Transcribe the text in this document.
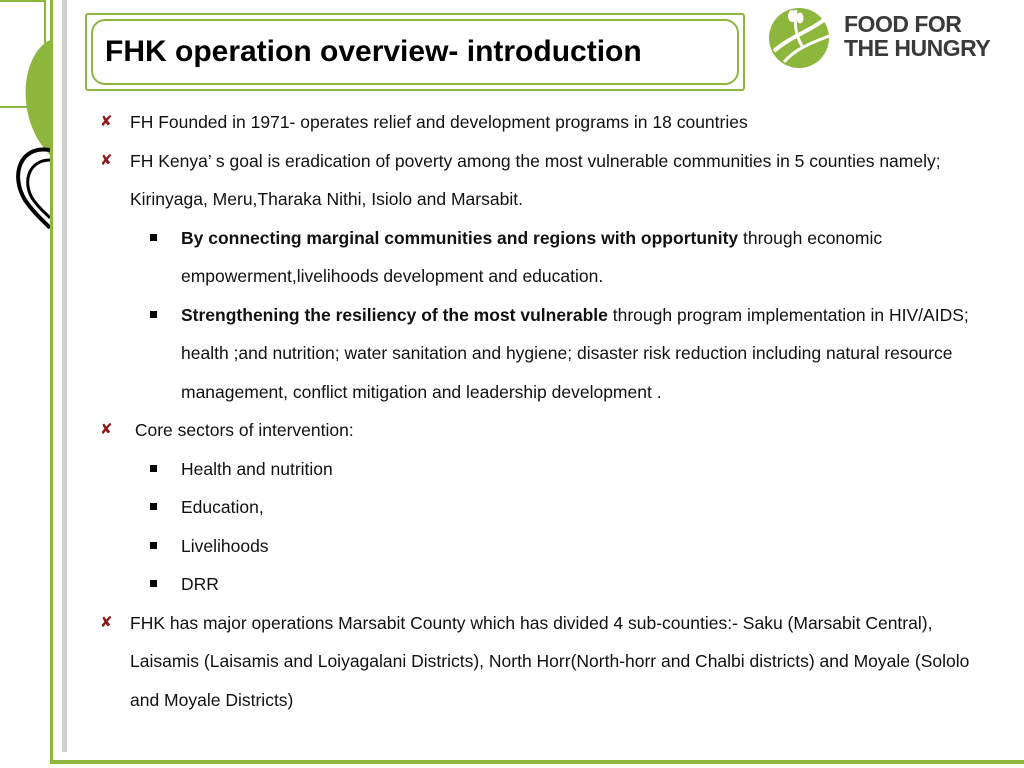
FHK operation overview- introduction
FOOD FOR
THE HUNGRY

✘ FH Founded in 1971- operates relief and development programs in 18 countries

✘ FH Kenya’ s goal is eradication of poverty among the most vulnerable communities in 5 counties namely; Kirinyaga, Meru,Tharaka Nithi, Isiolo and Marsabit.

By connecting marginal communities and regions with opportunity through economic empowerment,livelihoods development and education.

Strengthening the resiliency of the most vulnerable through program implementation in HIV/AIDS; health ;and nutrition; water sanitation and hygiene; disaster risk reduction including natural resource management, conflict mitigation and leadership development .

✘ Core sectors of intervention:

Health and nutrition

Education,

Livelihoods

DRR

✘ FHK has major operations Marsabit County which has divided 4 sub-counties:- Saku (Marsabit Central), Laisamis (Laisamis and Loiyagalani Districts), North Horr(North-horr and Chalbi districts) and Moyale (Sololo and Moyale Districts)
